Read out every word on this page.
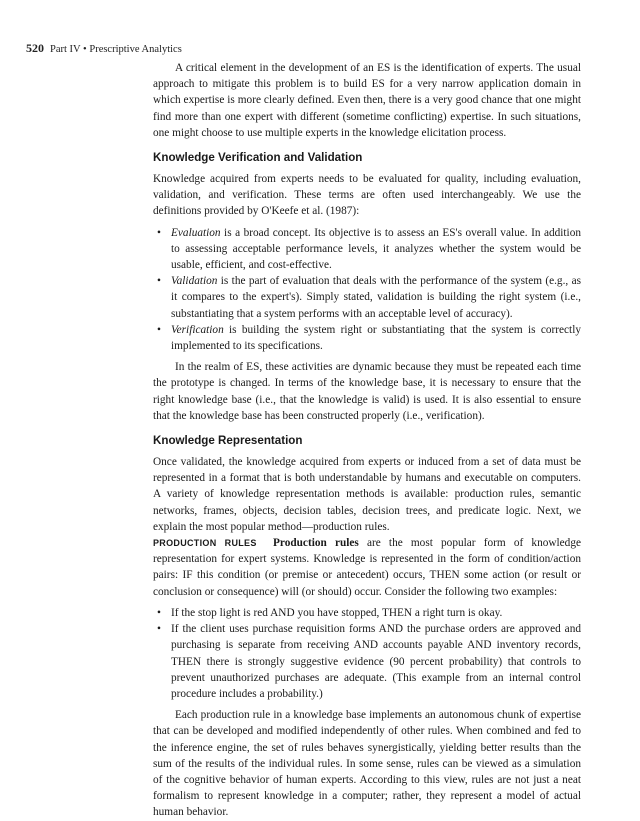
520 Part IV • Prescriptive Analytics

A critical element in the development of an ES is the identification of experts. The usual approach to mitigate this problem is to build ES for a very narrow application domain in which expertise is more clearly defined. Even then, there is a very good chance that one might find more than one expert with different (sometime conflicting) expertise. In such situations, one might choose to use multiple experts in the knowledge elicitation process.

Knowledge Verification and Validation

Knowledge acquired from experts needs to be evaluated for quality, including evaluation, validation, and verification. These terms are often used interchangeably. We use the definitions provided by O'Keefe et al. (1987):

• Evaluation is a broad concept. Its objective is to assess an ES's overall value. In addition to assessing acceptable performance levels, it analyzes whether the system would be usable, efficient, and cost-effective.
• Validation is the part of evaluation that deals with the performance of the system (e.g., as it compares to the expert's). Simply stated, validation is building the right system (i.e., substantiating that a system performs with an acceptable level of accuracy).
• Verification is building the system right or substantiating that the system is correctly implemented to its specifications.

In the realm of ES, these activities are dynamic because they must be repeated each time the prototype is changed. In terms of the knowledge base, it is necessary to ensure that the right knowledge base (i.e., that the knowledge is valid) is used. It is also essential to ensure that the knowledge base has been constructed properly (i.e., verification).

Knowledge Representation

Once validated, the knowledge acquired from experts or induced from a set of data must be represented in a format that is both understandable by humans and executable on computers. A variety of knowledge representation methods is available: production rules, semantic networks, frames, objects, decision tables, decision trees, and predicate logic. Next, we explain the most popular method—production rules.

PRODUCTION RULES Production rules are the most popular form of knowledge representation for expert systems. Knowledge is represented in the form of condition/action pairs: IF this condition (or premise or antecedent) occurs, THEN some action (or result or conclusion or consequence) will (or should) occur. Consider the following two examples:

• If the stop light is red AND you have stopped, THEN a right turn is okay.
• If the client uses purchase requisition forms AND the purchase orders are approved and purchasing is separate from receiving AND accounts payable AND inventory records, THEN there is strongly suggestive evidence (90 percent probability) that controls to prevent unauthorized purchases are adequate. (This example from an internal control procedure includes a probability.)

Each production rule in a knowledge base implements an autonomous chunk of expertise that can be developed and modified independently of other rules. When combined and fed to the inference engine, the set of rules behaves synergistically, yielding better results than the sum of the results of the individual rules. In some sense, rules can be viewed as a simulation of the cognitive behavior of human experts. According to this view, rules are not just a neat formalism to represent knowledge in a computer; rather, they represent a model of actual human behavior.
